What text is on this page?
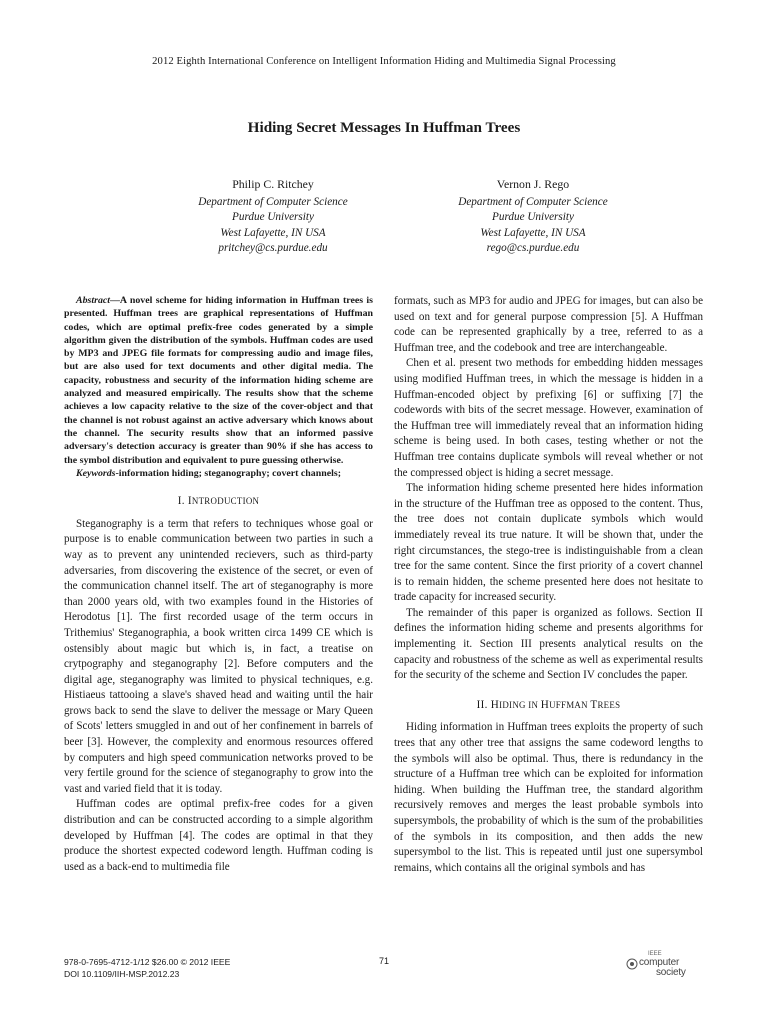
2012 Eighth International Conference on Intelligent Information Hiding and Multimedia Signal Processing
Hiding Secret Messages In Huffman Trees
Philip C. Ritchey
Department of Computer Science
Purdue University
West Lafayette, IN USA
pritchey@cs.purdue.edu
Vernon J. Rego
Department of Computer Science
Purdue University
West Lafayette, IN USA
rego@cs.purdue.edu

Abstract—A novel scheme for hiding information in Huffman trees is presented. Huffman trees are graphical representations of Huffman codes, which are optimal prefix-free codes generated by a simple algorithm given the distribution of the symbols. Huffman codes are used by MP3 and JPEG file formats for compressing audio and image files, but are also used for text documents and other digital media. The capacity, robustness and security of the information hiding scheme are analyzed and measured empirically. The results show that the scheme achieves a low capacity relative to the size of the cover-object and that the channel is not robust against an active adversary which knows about the channel. The security results show that an informed passive adversary's detection accuracy is greater than 90% if she has access to the symbol distribution and equivalent to pure guessing otherwise.

Keywords-information hiding; steganography; covert channels;

I. INTRODUCTION

Steganography is a term that refers to techniques whose goal or purpose is to enable communication between two parties in such a way as to prevent any unintended recievers, such as third-party adversaries, from discovering the existence of the secret, or even of the communication channel itself. The art of steganography is more than 2000 years old, with two examples found in the Histories of Herodotus [1]. The first recorded usage of the term occurs in Trithemius' Steganographia, a book written circa 1499 CE which is ostensibly about magic but which is, in fact, a treatise on crytpography and steganography [2]. Before computers and the digital age, steganography was limited to physical techniques, e.g. Histiaeus tattooing a slave's shaved head and waiting until the hair grows back to send the slave to deliver the message or Mary Queen of Scots' letters smuggled in and out of her confinement in barrels of beer [3]. However, the complexity and enormous resources offered by computers and high speed communication networks proved to be very fertile ground for the science of steganography to grow into the vast and varied field that it is today.

Huffman codes are optimal prefix-free codes for a given distribution and can be constructed according to a simple algorithm developed by Huffman [4]. The codes are optimal in that they produce the shortest expected codeword length. Huffman coding is used as a back-end to multimedia file

formats, such as MP3 for audio and JPEG for images, but can also be used on text and for general purpose compression [5]. A Huffman code can be represented graphically by a tree, referred to as a Huffman tree, and the codebook and tree are interchangeable.

Chen et al. present two methods for embedding hidden messages using modified Huffman trees, in which the message is hidden in a Huffman-encoded object by prefixing [6] or suffixing [7] the codewords with bits of the secret message. However, examination of the Huffman tree will immediately reveal that an information hiding scheme is being used. In both cases, testing whether or not the Huffman tree contains duplicate symbols will reveal whether or not the compressed object is hiding a secret message.

The information hiding scheme presented here hides information in the structure of the Huffman tree as opposed to the content. Thus, the tree does not contain duplicate symbols which would immediately reveal its true nature. It will be shown that, under the right circumstances, the stego-tree is indistinguishable from a clean tree for the same content. Since the first priority of a covert channel is to remain hidden, the scheme presented here does not hesitate to trade capacity for increased security.

The remainder of this paper is organized as follows. Section II defines the information hiding scheme and presents algorithms for implementing it. Section III presents analytical results on the capacity and robustness of the scheme as well as experimental results for the security of the scheme and Section IV concludes the paper.

II. HIDING IN HUFFMAN TREES

Hiding information in Huffman trees exploits the property of such trees that any other tree that assigns the same codeword lengths to the symbols will also be optimal. Thus, there is redundancy in the structure of a Huffman tree which can be exploited for information hiding. When building the Huffman tree, the standard algorithm recursively removes and merges the least probable symbols into supersymbols, the probability of which is the sum of the probabilities of the symbols in its composition, and then adds the new supersymbol to the list. This is repeated until just one supersymbol remains, which contains all the original symbols and has

978-0-7695-4712-1/12 $26.00 © 2012 IEEE
DOI 10.1109/IIH-MSP.2012.23
71
IEEE
computer
society
